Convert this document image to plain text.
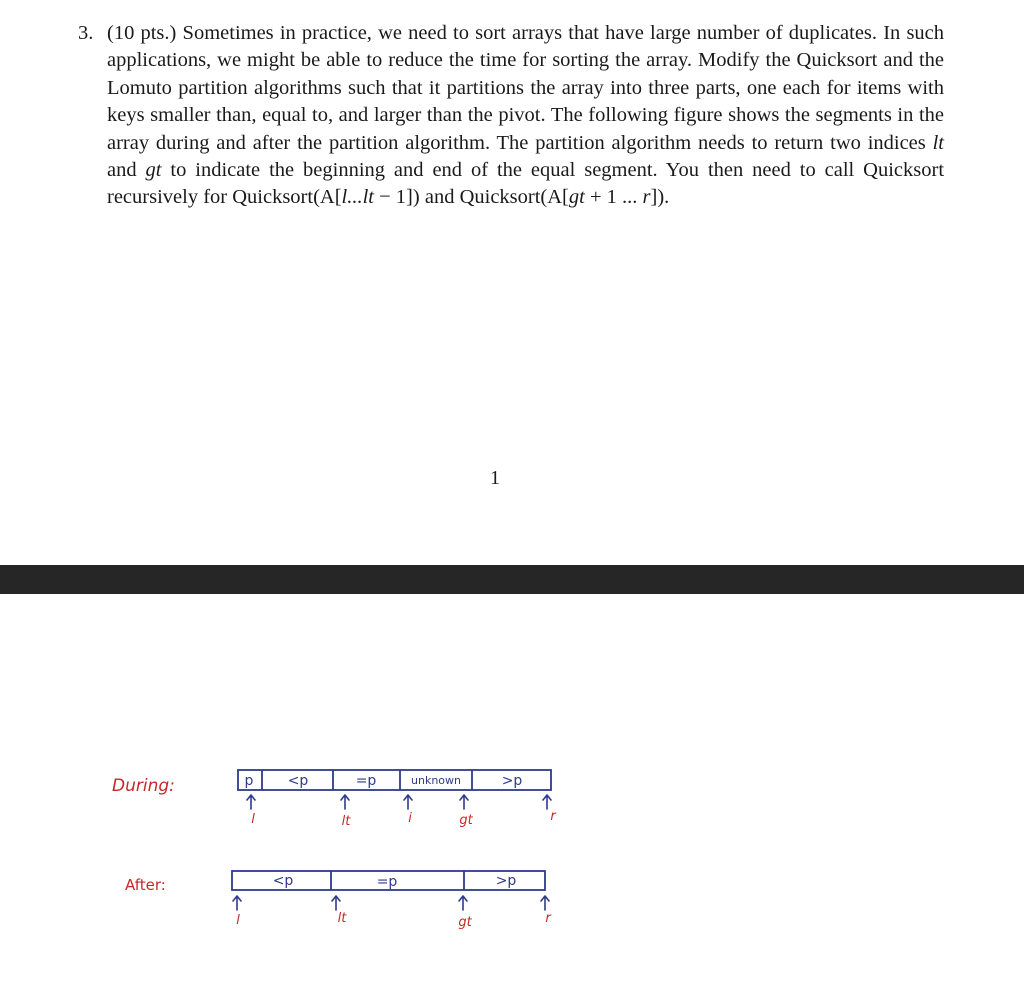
3. (10 pts.) Sometimes in practice, we need to sort arrays that have large number of duplicates. In such applications, we might be able to reduce the time for sorting the array. Modify the Quicksort and the Lomuto partition algorithms such that it partitions the array into three parts, one each for items with keys smaller than, equal to, and larger than the pivot. The following figure shows the segments in the array during and after the partition algorithm. The partition algorithm needs to return two indices lt and gt to indicate the beginning and end of the equal segment. You then need to call Quicksort recursively for Quicksort(A[l...lt − 1]) and Quicksort(A[gt + 1 ... r]).
1
During:	p <p	=p	unknown	>p
l	lt	i	gt	r
After:	<p	=p	>p
l	lt	gt	r
